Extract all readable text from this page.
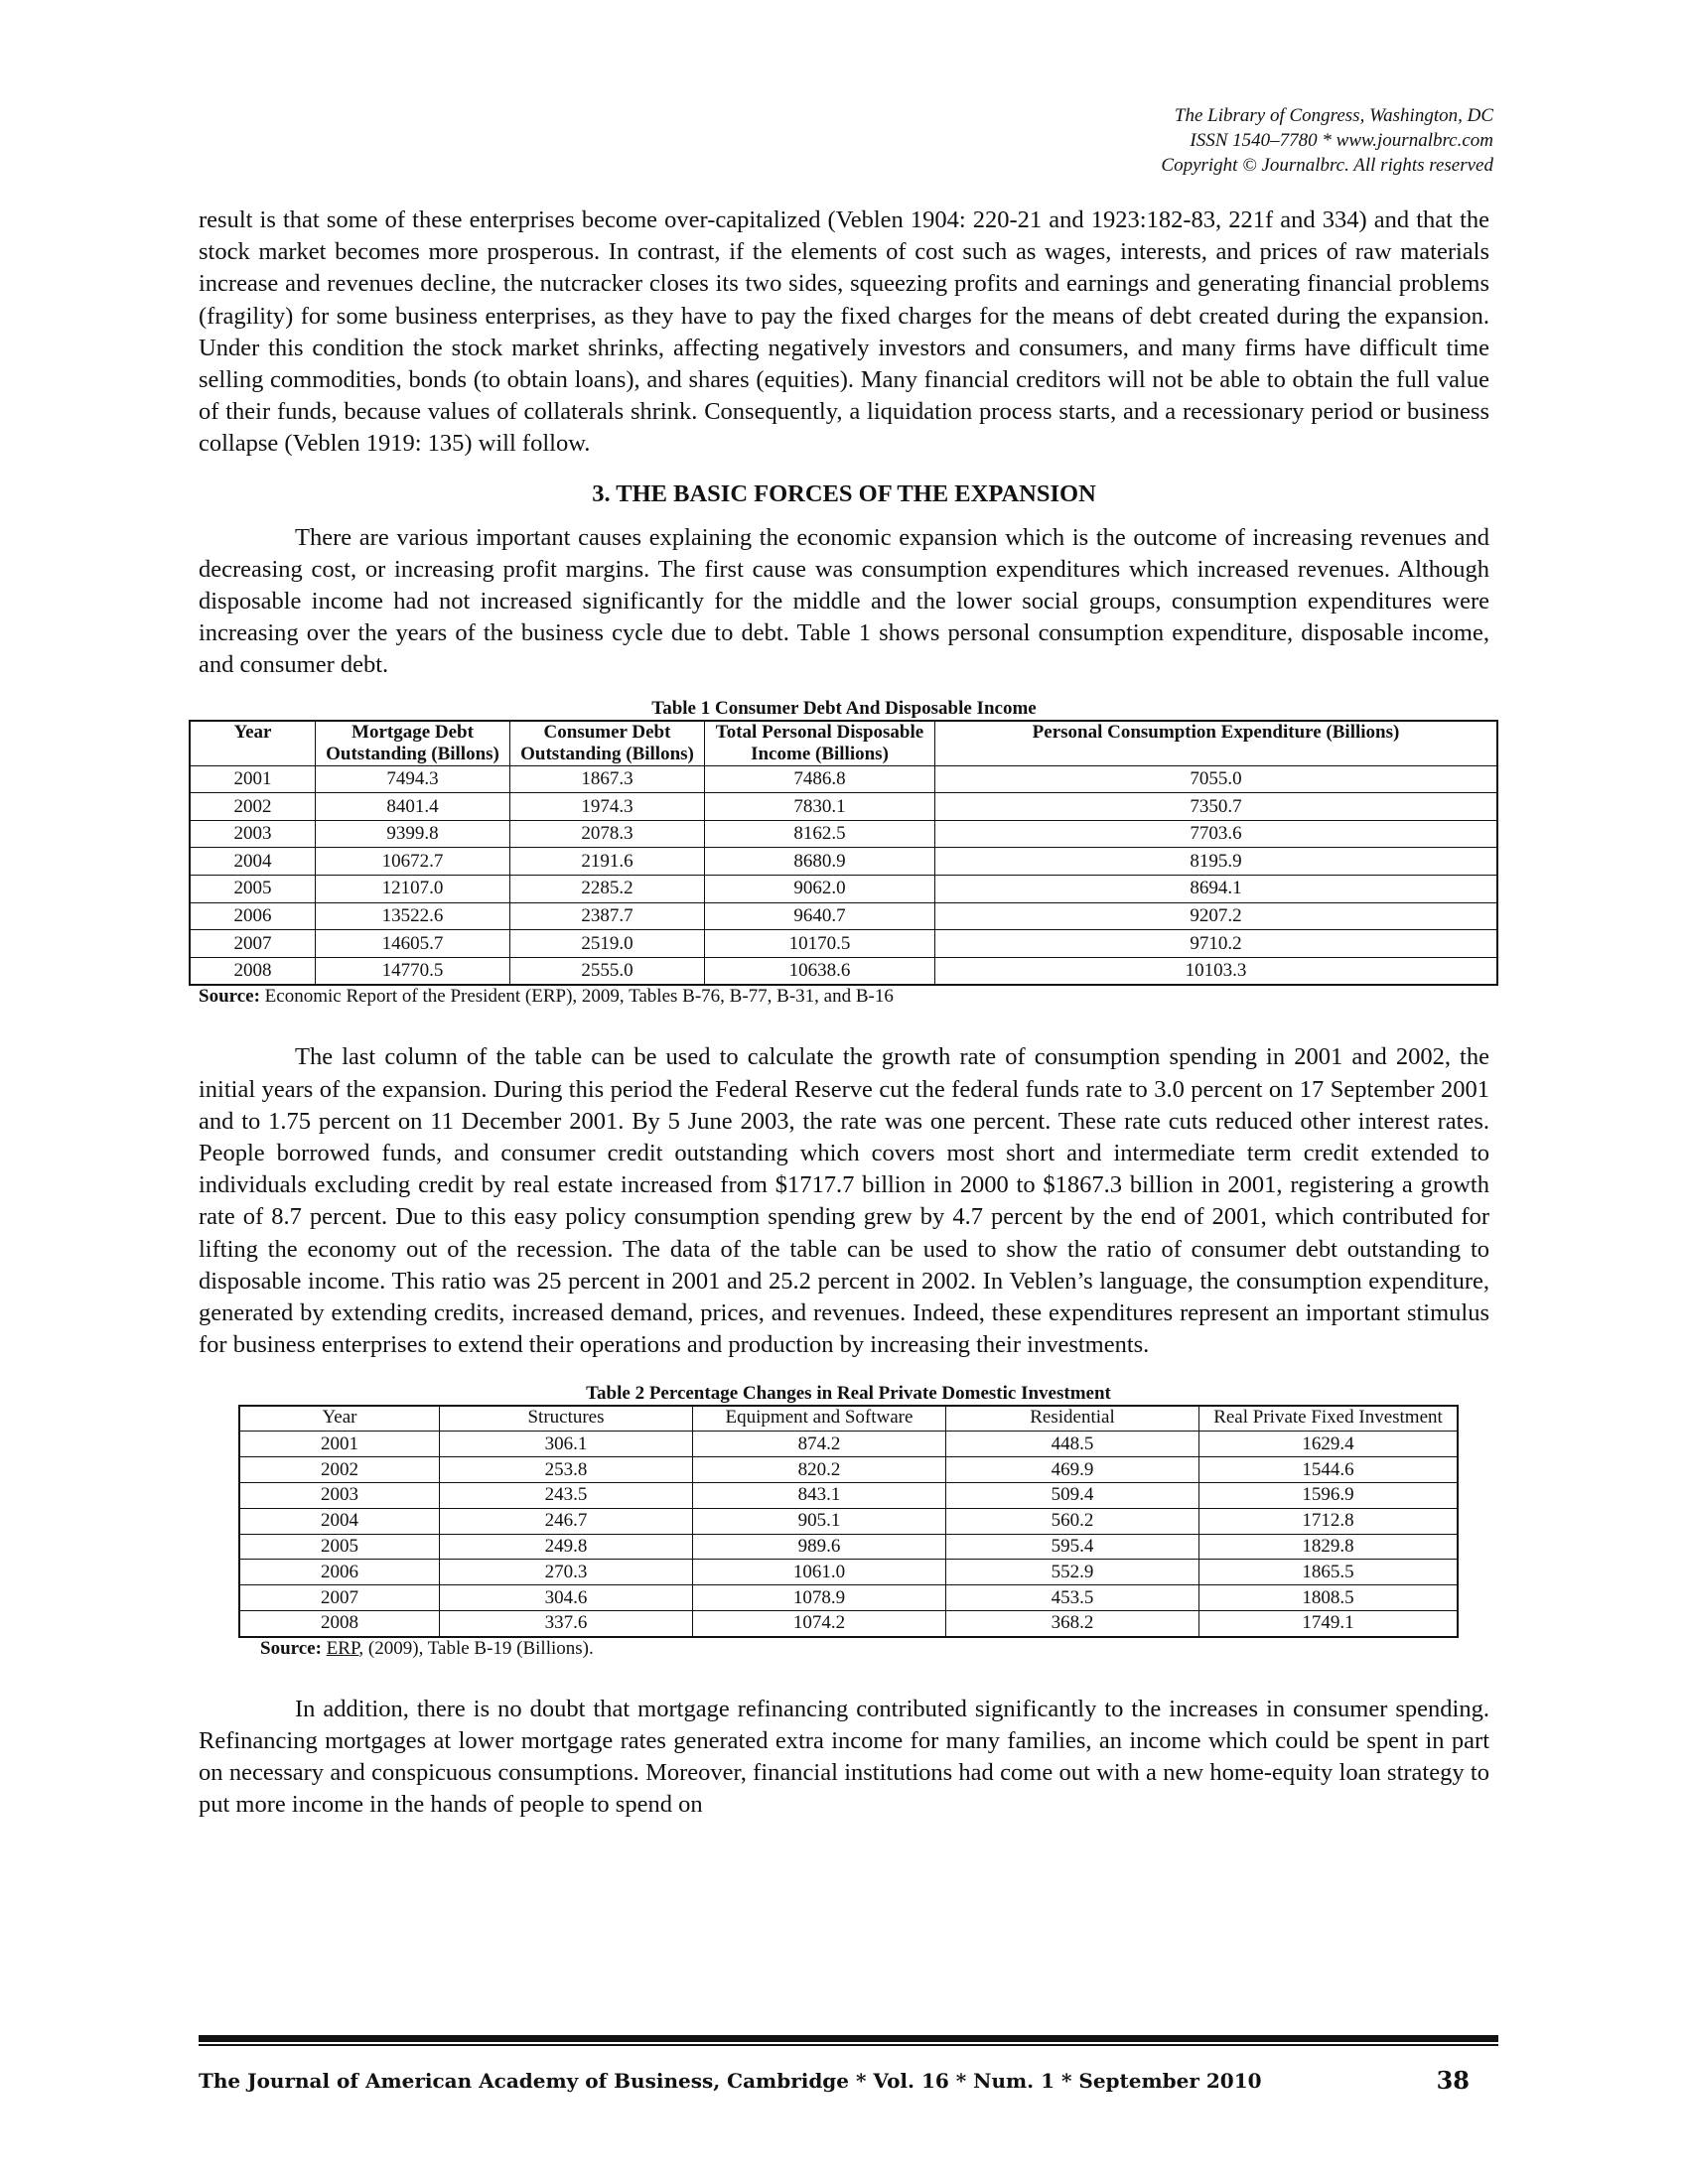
The Library of Congress, Washington, DC
ISSN 1540–7780 * www.journalbrc.com
Copyright © Journalbrc. All rights reserved

result is that some of these enterprises become over-capitalized (Veblen 1904: 220-21 and 1923:182-83, 221f and 334) and that the stock market becomes more prosperous. In contrast, if the elements of cost such as wages, interests, and prices of raw materials increase and revenues decline, the nutcracker closes its two sides, squeezing profits and earnings and generating financial problems (fragility) for some business enterprises, as they have to pay the fixed charges for the means of debt created during the expansion. Under this condition the stock market shrinks, affecting negatively investors and consumers, and many firms have difficult time selling commodities, bonds (to obtain loans), and shares (equities). Many financial creditors will not be able to obtain the full value of their funds, because values of collaterals shrink. Consequently, a liquidation process starts, and a recessionary period or business collapse (Veblen 1919: 135) will follow.

3. THE BASIC FORCES OF THE EXPANSION

There are various important causes explaining the economic expansion which is the outcome of increasing revenues and decreasing cost, or increasing profit margins. The first cause was consumption expenditures which increased revenues. Although disposable income had not increased significantly for the middle and the lower social groups, consumption expenditures were increasing over the years of the business cycle due to debt. Table 1 shows personal consumption expenditure, disposable income, and consumer debt.

Table 1 Consumer Debt And Disposable Income
Year	Mortgage Debt Outstanding (Billons)	Consumer Debt Outstanding (Billons)	Total Personal Disposable Income (Billions)	Personal Consumption Expenditure (Billions)
2001	7494.3	1867.3	7486.8	7055.0
2002	8401.4	1974.3	7830.1	7350.7
2003	9399.8	2078.3	8162.5	7703.6
2004	10672.7	2191.6	8680.9	8195.9
2005	12107.0	2285.2	9062.0	8694.1
2006	13522.6	2387.7	9640.7	9207.2
2007	14605.7	2519.0	10170.5	9710.2
2008	14770.5	2555.0	10638.6	10103.3
Source: Economic Report of the President (ERP), 2009, Tables B-76, B-77, B-31, and B-16

The last column of the table can be used to calculate the growth rate of consumption spending in 2001 and 2002, the initial years of the expansion. During this period the Federal Reserve cut the federal funds rate to 3.0 percent on 17 September 2001 and to 1.75 percent on 11 December 2001. By 5 June 2003, the rate was one percent. These rate cuts reduced other interest rates. People borrowed funds, and consumer credit outstanding which covers most short and intermediate term credit extended to individuals excluding credit by real estate increased from $1717.7 billion in 2000 to $1867.3 billion in 2001, registering a growth rate of 8.7 percent. Due to this easy policy consumption spending grew by 4.7 percent by the end of 2001, which contributed for lifting the economy out of the recession. The data of the table can be used to show the ratio of consumer debt outstanding to disposable income. This ratio was 25 percent in 2001 and 25.2 percent in 2002. In Veblen’s language, the consumption expenditure, generated by extending credits, increased demand, prices, and revenues. Indeed, these expenditures represent an important stimulus for business enterprises to extend their operations and production by increasing their investments.

Table 2 Percentage Changes in Real Private Domestic Investment
Year	Structures	Equipment and Software	Residential	Real Private Fixed Investment
2001	306.1	874.2	448.5	1629.4
2002	253.8	820.2	469.9	1544.6
2003	243.5	843.1	509.4	1596.9
2004	246.7	905.1	560.2	1712.8
2005	249.8	989.6	595.4	1829.8
2006	270.3	1061.0	552.9	1865.5
2007	304.6	1078.9	453.5	1808.5
2008	337.6	1074.2	368.2	1749.1
Source: ERP, (2009), Table B-19 (Billions).

In addition, there is no doubt that mortgage refinancing contributed significantly to the increases in consumer spending. Refinancing mortgages at lower mortgage rates generated extra income for many families, an income which could be spent in part on necessary and conspicuous consumptions. Moreover, financial institutions had come out with a new home-equity loan strategy to put more income in the hands of people to spend on

The Journal of American Academy of Business, Cambridge * Vol. 16 * Num. 1 * September 2010	38
